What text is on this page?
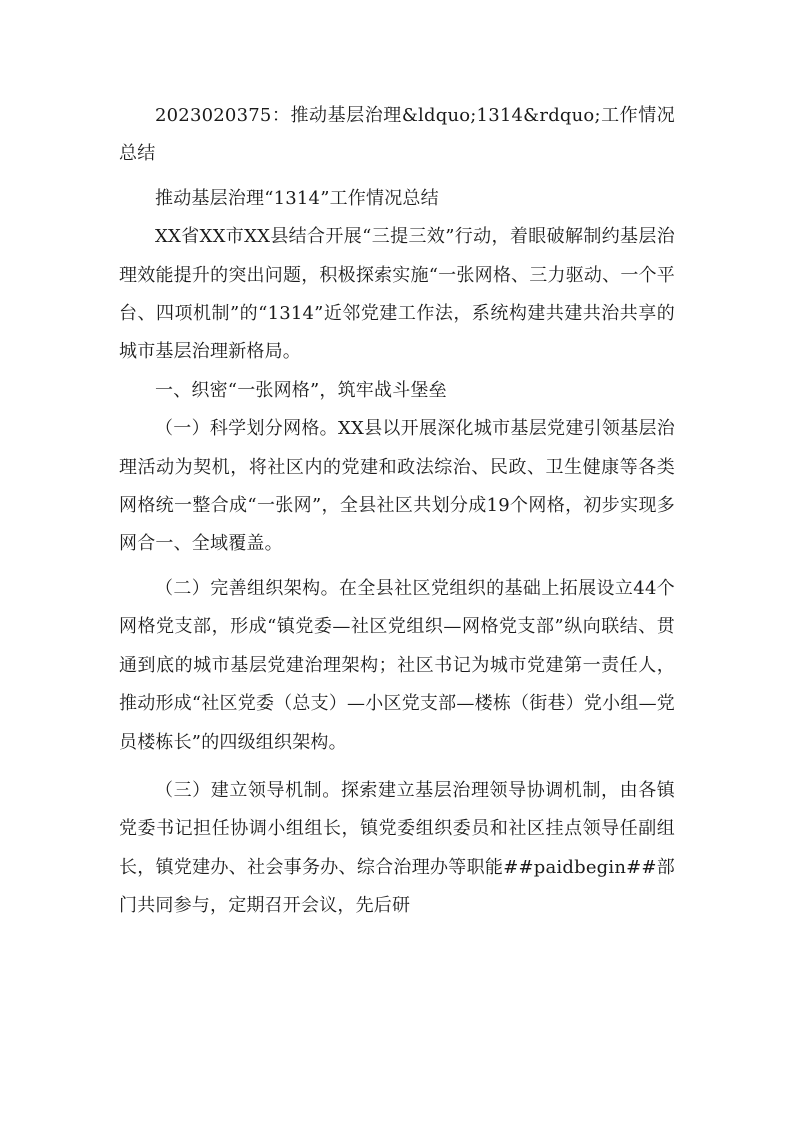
2023020375：推动基层治理&ldquo;1314&rdquo;工作情况总结

推动基层治理“1314”工作情况总结

XX省XX市XX县结合开展“三提三效”行动，着眼破解制约基层治理效能提升的突出问题，积极探索实施“一张网格、三力驱动、一个平台、四项机制”的“1314”近邻党建工作法，系统构建共建共治共享的城市基层治理新格局。

一、织密“一张网格”，筑牢战斗堡垒

（一）科学划分网格。XX县以开展深化城市基层党建引领基层治理活动为契机，将社区内的党建和政法综治、民政、卫生健康等各类网格统一整合成“一张网”，全县社区共划分成19个网格，初步实现多网合一、全域覆盖。

（二）完善组织架构。在全县社区党组织的基础上拓展设立44个网格党支部，形成“镇党委—社区党组织—网格党支部”纵向联结、贯通到底的城市基层党建治理架构；社区书记为城市党建第一责任人，推动形成“社区党委（总支）—小区党支部—楼栋（街巷）党小组—党员楼栋长”的四级组织架构。

（三）建立领导机制。探索建立基层治理领导协调机制，由各镇党委书记担任协调小组组长，镇党委组织委员和社区挂点领导任副组长，镇党建办、社会事务办、综合治理办等职能##paidbegin##部门共同参与，定期召开会议，先后研
